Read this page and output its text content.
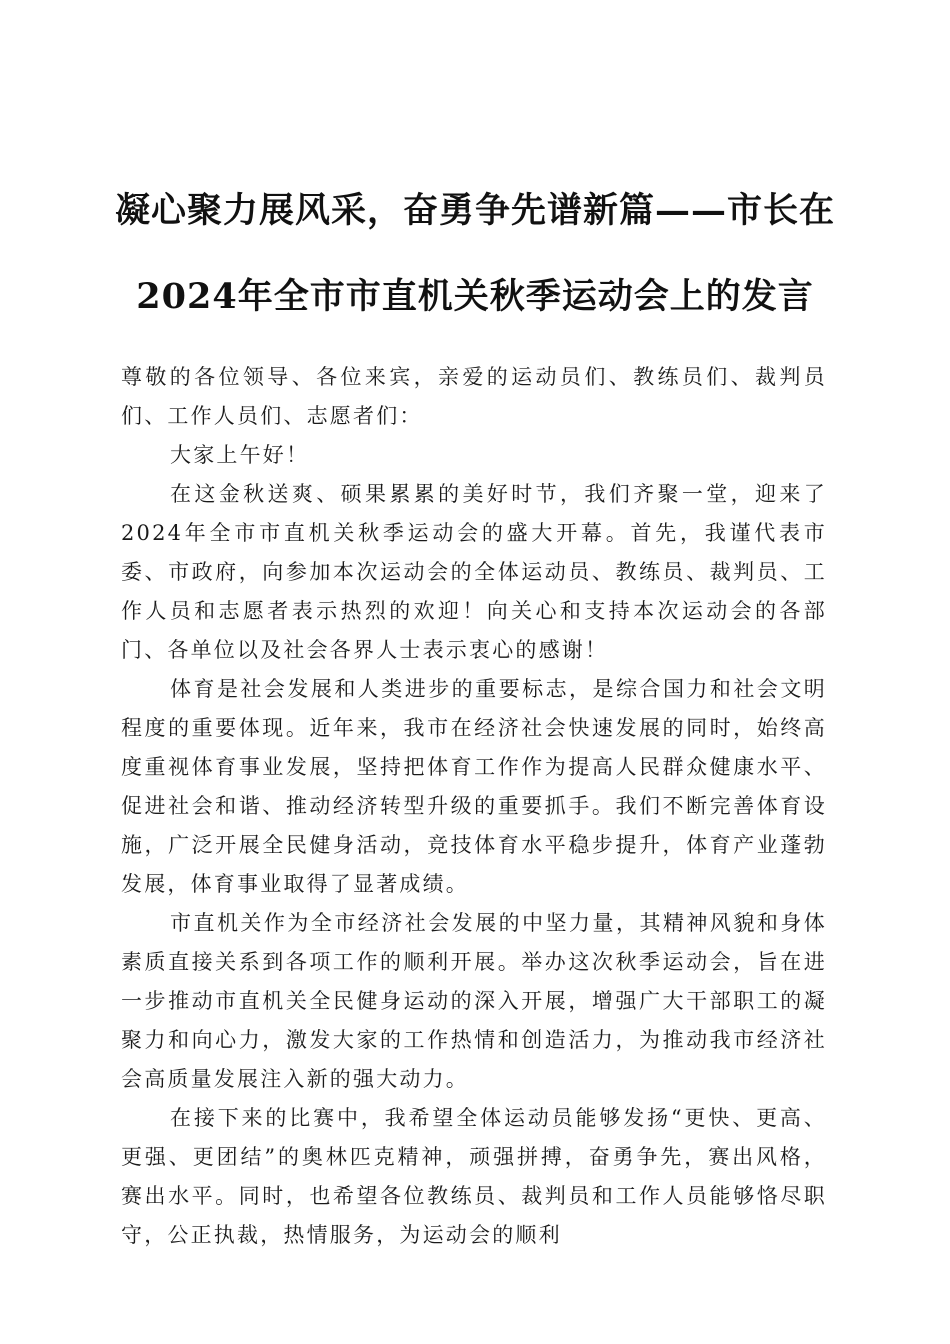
凝心聚力展风采，奋勇争先谱新篇——市长在
2024年全市市直机关秋季运动会上的发言

尊敬的各位领导、各位来宾，亲爱的运动员们、教练员们、裁判员们、工作人员们、志愿者们：

大家上午好！

在这金秋送爽、硕果累累的美好时节，我们齐聚一堂，迎来了2024年全市市直机关秋季运动会的盛大开幕。首先，我谨代表市委、市政府，向参加本次运动会的全体运动员、教练员、裁判员、工作人员和志愿者表示热烈的欢迎！向关心和支持本次运动会的各部门、各单位以及社会各界人士表示衷心的感谢！

体育是社会发展和人类进步的重要标志，是综合国力和社会文明程度的重要体现。近年来，我市在经济社会快速发展的同时，始终高度重视体育事业发展，坚持把体育工作作为提高人民群众健康水平、促进社会和谐、推动经济转型升级的重要抓手。我们不断完善体育设施，广泛开展全民健身活动，竞技体育水平稳步提升，体育产业蓬勃发展，体育事业取得了显著成绩。

市直机关作为全市经济社会发展的中坚力量，其精神风貌和身体素质直接关系到各项工作的顺利开展。举办这次秋季运动会，旨在进一步推动市直机关全民健身运动的深入开展，增强广大干部职工的凝聚力和向心力，激发大家的工作热情和创造活力，为推动我市经济社会高质量发展注入新的强大动力。

在接下来的比赛中，我希望全体运动员能够发扬“更快、更高、更强、更团结”的奥林匹克精神，顽强拼搏，奋勇争先，赛出风格，赛出水平。同时，也希望各位教练员、裁判员和工作人员能够恪尽职守，公正执裁，热情服务，为运动会的顺利
